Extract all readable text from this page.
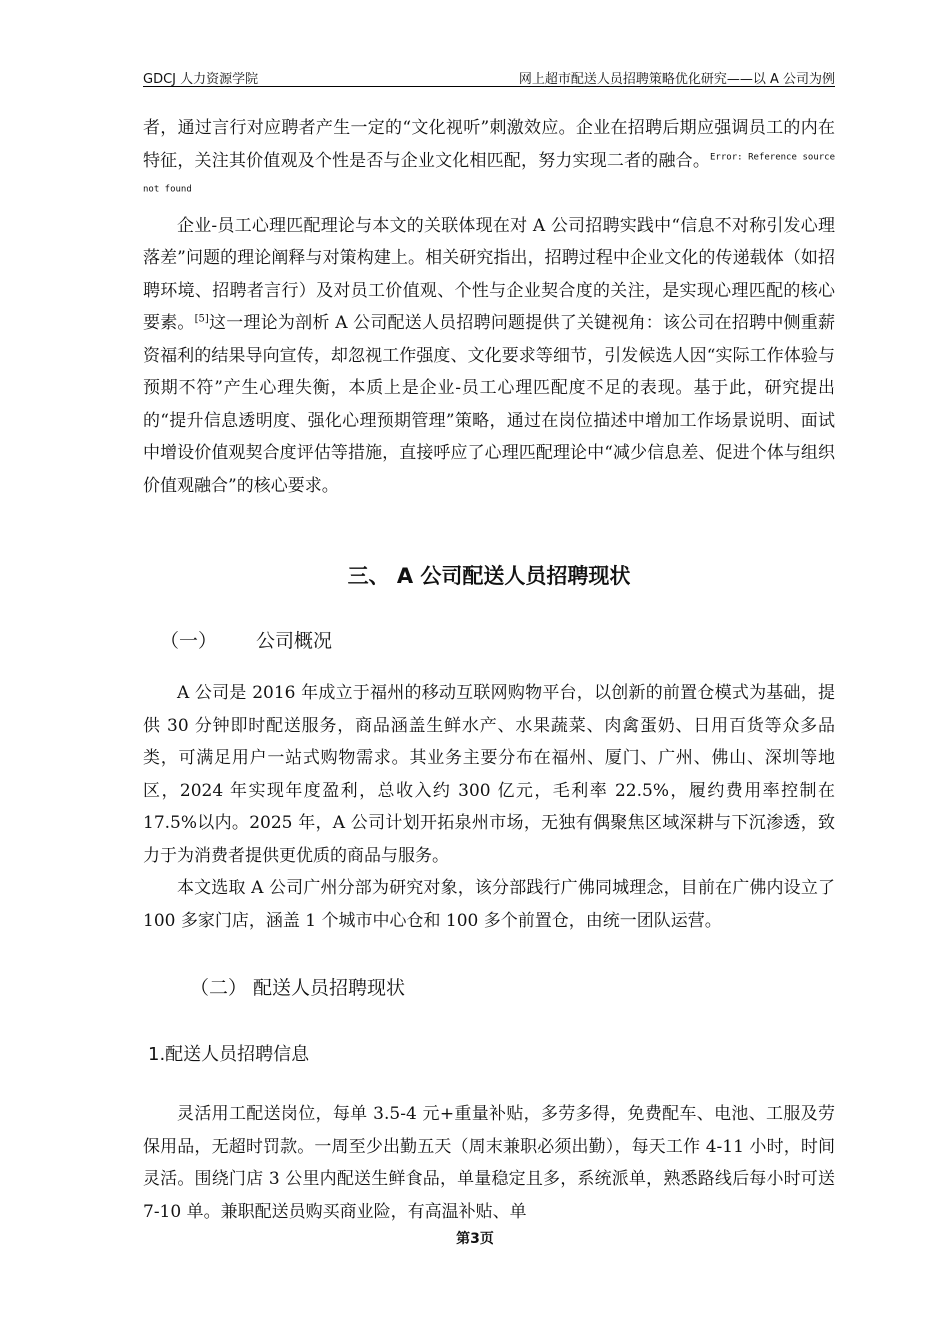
GDCJ 人力资源学院	网上超市配送人员招聘策略优化研究——以 A 公司为例

者，通过言行对应聘者产生一定的“文化视听”刺激效应。企业在招聘后期应强调员工的内在特征，关注其价值观及个性是否与企业文化相匹配，努力实现二者的融合。$^{Error: Reference source not found}$

企业-员工心理匹配理论与本文的关联体现在对 A 公司招聘实践中“信息不对称引发心理落差”问题的理论阐释与对策构建上。相关研究指出，招聘过程中企业文化的传递载体（如招聘环境、招聘者言行）及对员工价值观、个性与企业契合度的关注，是实现心理匹配的核心要素。[5]这一理论为剖析 A 公司配送人员招聘问题提供了关键视角：该公司在招聘中侧重薪资福利的结果导向宣传，却忽视工作强度、文化要求等细节，引发候选人因“实际工作体验与预期不符”产生心理失衡，本质上是企业-员工心理匹配度不足的表现。基于此，研究提出的“提升信息透明度、强化心理预期管理”策略，通过在岗位描述中增加工作场景说明、面试中增设价值观契合度评估等措施，直接呼应了心理匹配理论中“减少信息差、促进个体与组织价值观融合”的核心要求。

三、 A 公司配送人员招聘现状
（一） 公司概况

A 公司是 2016 年成立于福州的移动互联网购物平台，以创新的前置仓模式为基础，提供 30 分钟即时配送服务，商品涵盖生鲜水产、水果蔬菜、肉禽蛋奶、日用百货等众多品类，可满足用户一站式购物需求。其业务主要分布在福州、厦门、广州、佛山、深圳等地区，2024 年实现年度盈利，总收入约 300 亿元，毛利率 22.5%，履约费用率控制在 17.5%以内。2025 年，A 公司计划开拓泉州市场，无独有偶聚焦区域深耕与下沉渗透，致力于为消费者提供更优质的商品与服务。

本文选取 A 公司广州分部为研究对象，该分部践行广佛同城理念，目前在广佛内设立了 100 多家门店，涵盖 1 个城市中心仓和 100 多个前置仓，由统一团队运营。

（二） 配送人员招聘现状
1.配送人员招聘信息

灵活用工配送岗位，每单 3.5-4 元+重量补贴，多劳多得，免费配车、电池、工服及劳保用品，无超时罚款。一周至少出勤五天（周末兼职必须出勤），每天工作 4-11 小时，时间灵活。围绕门店 3 公里内配送生鲜食品，单量稳定且多，系统派单，熟悉路线后每小时可送 7-10 单。兼职配送员购买商业险，有高温补贴、单

第3页
